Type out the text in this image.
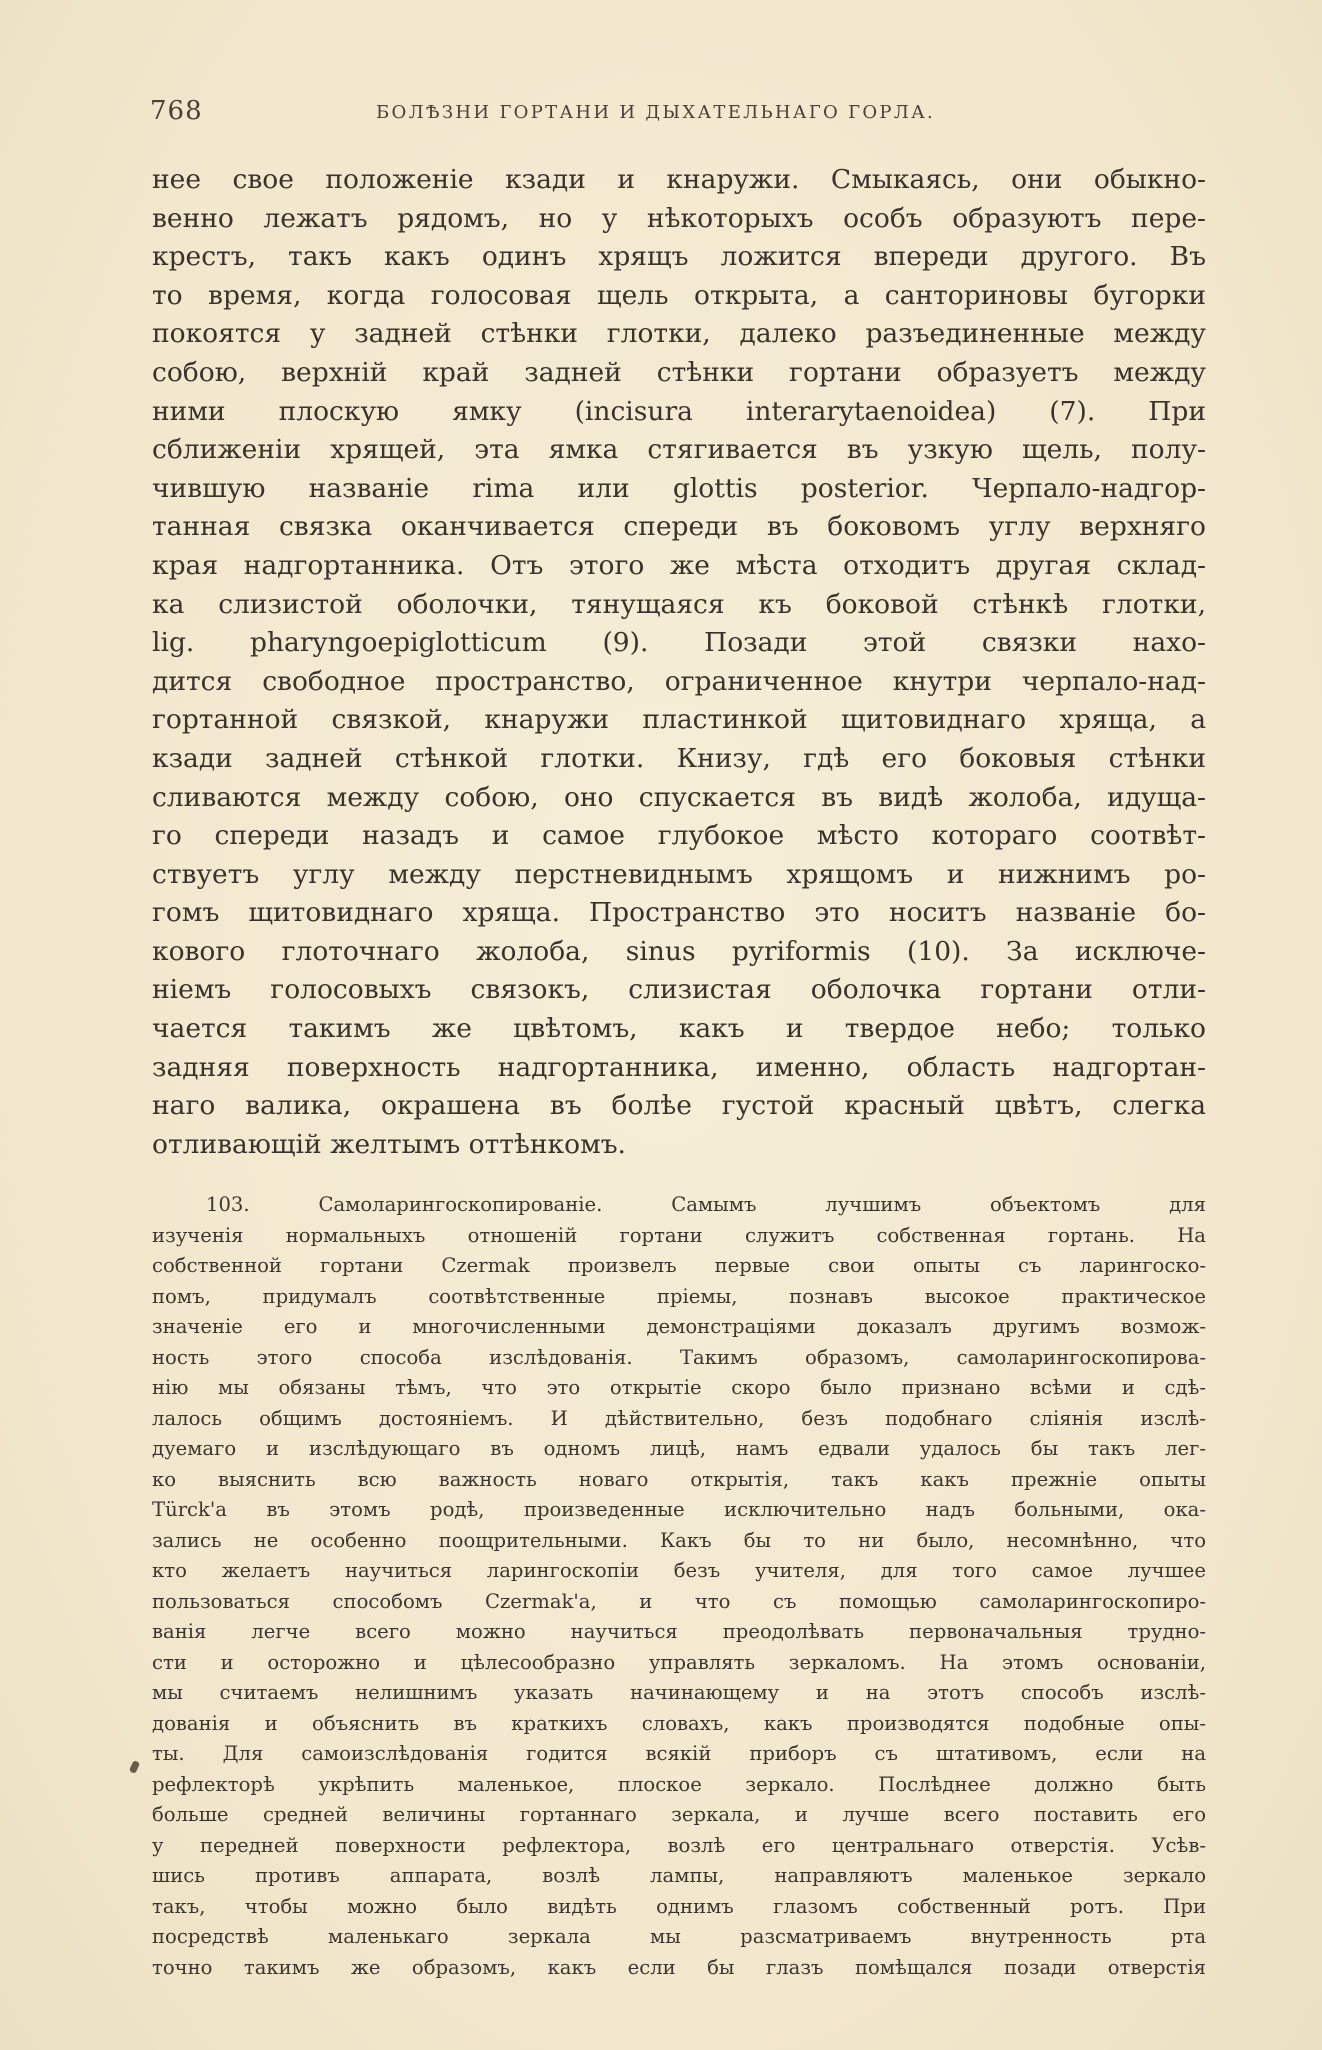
768	БОЛѢЗНИ ГОРТАНИ И ДЫХАТЕЛЬНАГО ГОРЛА.
нее свое положеніе кзади и кнаружи. Смыкаясь, они обыкно-
венно лежатъ рядомъ, но у нѣкоторыхъ особъ образуютъ пере-
крестъ, такъ какъ одинъ хрящъ ложится впереди другого. Въ
то время, когда голосовая щель открыта, а санториновы бугорки
покоятся у задней стѣнки глотки, далеко разъединенные между
собою, верхній край задней стѣнки гортани образуетъ между
ними плоскую ямку (incisura interarytaenoidea) (7). При
сближеніи хрящей, эта ямка стягивается въ узкую щель, полу-
чившую названіе rima или glottis posterior. Черпало-надгор-
танная связка оканчивается спереди въ боковомъ углу верхняго
края надгортанника. Отъ этого же мѣста отходитъ другая склад-
ка слизистой оболочки, тянущаяся къ боковой стѣнкѣ глотки,
lig. pharyngoepiglotticum (9). Позади этой связки нахо-
дится свободное пространство, ограниченное кнутри черпало-над-
гортанной связкой, кнаружи пластинкой щитовиднаго хряща, а
кзади задней стѣнкой глотки. Книзу, гдѣ его боковыя стѣнки
сливаются между собою, оно спускается въ видѣ жолоба, идуща-
го спереди назадъ и самое глубокое мѣсто котораго соотвѣт-
ствуетъ углу между перстневиднымъ хрящомъ и нижнимъ ро-
гомъ щитовиднаго хряща. Пространство это носитъ названіе бо-
кового глоточнаго жолоба, sinus pyriformis (10). За исключе-
ніемъ голосовыхъ связокъ, слизистая оболочка гортани отли-
чается такимъ же цвѣтомъ, какъ и твердое небо; только
задняя поверхность надгортанника, именно, область надгортан-
наго валика, окрашена въ болѣе густой красный цвѣтъ, слегка
отливающій желтымъ оттѣнкомъ.
103. Самоларингоскопированіе. Самымъ лучшимъ объектомъ для
изученія нормальныхъ отношеній гортани служитъ собственная гортань. На
собственной гортани Czermak произвелъ первые свои опыты съ ларингоско-
помъ, придумалъ соотвѣтственные пріемы, познавъ высокое практическое
значеніе его и многочисленными демонстраціями доказалъ другимъ возмож-
ность этого способа изслѣдованія. Такимъ образомъ, самоларингоскопирова-
нію мы обязаны тѣмъ, что это открытіе скоро было признано всѣми и сдѣ-
лалось общимъ достояніемъ. И дѣйствительно, безъ подобнаго сліянія изслѣ-
дуемаго и изслѣдующаго въ одномъ лицѣ, намъ едвали удалось бы такъ лег-
ко выяснить всю важность новаго открытія, такъ какъ прежніе опыты
Türck'а въ этомъ родѣ, произведенные исключительно надъ больными, ока-
зались не особенно поощрительными. Какъ бы то ни было, несомнѣнно, что
кто желаетъ научиться ларингоскопіи безъ учителя, для того самое лучшее
пользоваться способомъ Czermak'а, и что съ помощью самоларингоскопиро-
ванія легче всего можно научиться преодолѣвать первоначальныя трудно-
сти и осторожно и цѣлесообразно управлять зеркаломъ. На этомъ основаніи,
мы считаемъ нелишнимъ указать начинающему и на этотъ способъ изслѣ-
дованія и объяснить въ краткихъ словахъ, какъ производятся подобные опы-
ты. Для самоизслѣдованія годится всякій приборъ съ штативомъ, если на
рефлекторѣ укрѣпить маленькое, плоское зеркало. Послѣднее должно быть
больше средней величины гортаннаго зеркала, и лучше всего поставить его
у передней поверхности рефлектора, возлѣ его центральнаго отверстія. Усѣв-
шись противъ аппарата, возлѣ лампы, направляютъ маленькое зеркало
такъ, чтобы можно было видѣть однимъ глазомъ собственный ротъ. При
посредствѣ маленькаго зеркала мы разсматриваемъ внутренность рта
точно такимъ же образомъ, какъ если бы глазъ помѣщался позади отверстія
